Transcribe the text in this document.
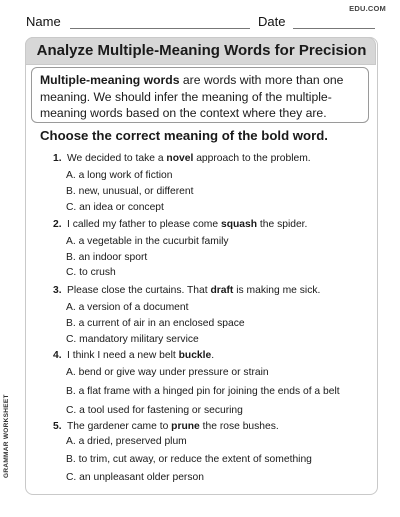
EDU.COM
Name	Date
Analyze Multiple-Meaning Words for Precision
Multiple-meaning words are words with more than one
meaning. We should infer the meaning of the multiple-
meaning words based on the context where they are.
Choose the correct meaning of the bold word.
1. We decided to take a novel approach to the problem.
A. a long work of fiction
B. new, unusual, or different
C. an idea or concept
2. I called my father to please come squash the spider.
A. a vegetable in the cucurbit family
B. an indoor sport
C. to crush
3. Please close the curtains. That draft is making me sick.
A. a version of a document
B. a current of air in an enclosed space
C. mandatory military service
4. I think I need a new belt buckle.
A. bend or give way under pressure or strain
B. a flat frame with a hinged pin for joining the ends of a belt
C. a tool used for fastening or securing
5. The gardener came to prune the rose bushes.
A. a dried, preserved plum
B. to trim, cut away, or reduce the extent of something
C. an unpleasant older person
GRAMMAR WORKSHEET
